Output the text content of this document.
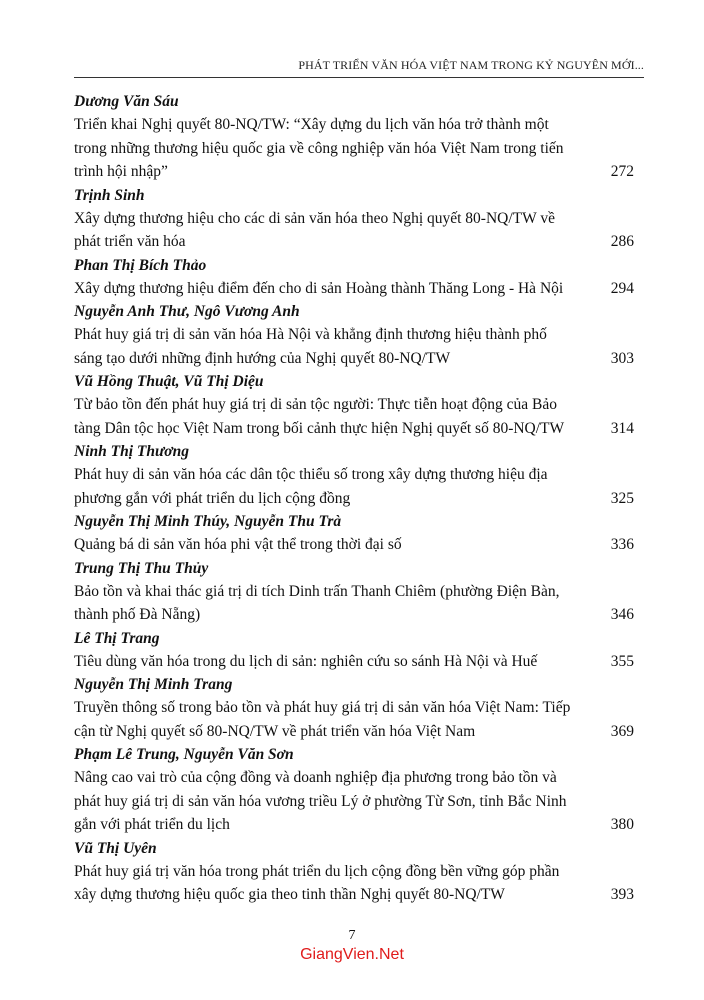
PHÁT TRIỂN VĂN HÓA VIỆT NAM TRONG KỶ NGUYÊN MỚI...

Dương Văn Sáu

Triển khai Nghị quyết 80-NQ/TW: “Xây dựng du lịch văn hóa trở thành một trong những thương hiệu quốc gia về công nghiệp văn hóa Việt Nam trong tiến trình hội nhập”	272

Trịnh Sinh

Xây dựng thương hiệu cho các di sản văn hóa theo Nghị quyết 80-NQ/TW về phát triển văn hóa	286

Phan Thị Bích Thảo

Xây dựng thương hiệu điểm đến cho di sản Hoàng thành Thăng Long - Hà Nội	294

Nguyễn Anh Thư, Ngô Vương Anh

Phát huy giá trị di sản văn hóa Hà Nội và khẳng định thương hiệu thành phố sáng tạo dưới những định hướng của Nghị quyết 80-NQ/TW	303

Vũ Hồng Thuật, Vũ Thị Diệu

Từ bảo tồn đến phát huy giá trị di sản tộc người: Thực tiễn hoạt động của Bảo tàng Dân tộc học Việt Nam trong bối cảnh thực hiện Nghị quyết số 80-NQ/TW	314

Ninh Thị Thương

Phát huy di sản văn hóa các dân tộc thiểu số trong xây dựng thương hiệu địa phương gắn với phát triển du lịch cộng đồng	325

Nguyễn Thị Minh Thúy, Nguyễn Thu Trà

Quảng bá di sản văn hóa phi vật thể trong thời đại số	336

Trung Thị Thu Thủy

Bảo tồn và khai thác giá trị di tích Dinh trấn Thanh Chiêm (phường Điện Bàn, thành phố Đà Nẵng)	346

Lê Thị Trang

Tiêu dùng văn hóa trong du lịch di sản: nghiên cứu so sánh Hà Nội và Huế	355

Nguyễn Thị Minh Trang

Truyền thông số trong bảo tồn và phát huy giá trị di sản văn hóa Việt Nam: Tiếp cận từ Nghị quyết số 80-NQ/TW về phát triển văn hóa Việt Nam	369

Phạm Lê Trung, Nguyễn Văn Sơn

Nâng cao vai trò của cộng đồng và doanh nghiệp địa phương trong bảo tồn và phát huy giá trị di sản văn hóa vương triều Lý ở phường Từ Sơn, tỉnh Bắc Ninh gắn với phát triển du lịch	380

Vũ Thị Uyên

Phát huy giá trị văn hóa trong phát triển du lịch cộng đồng bền vững góp phần xây dựng thương hiệu quốc gia theo tinh thần Nghị quyết 80-NQ/TW	393
7
GiangVien.Net
